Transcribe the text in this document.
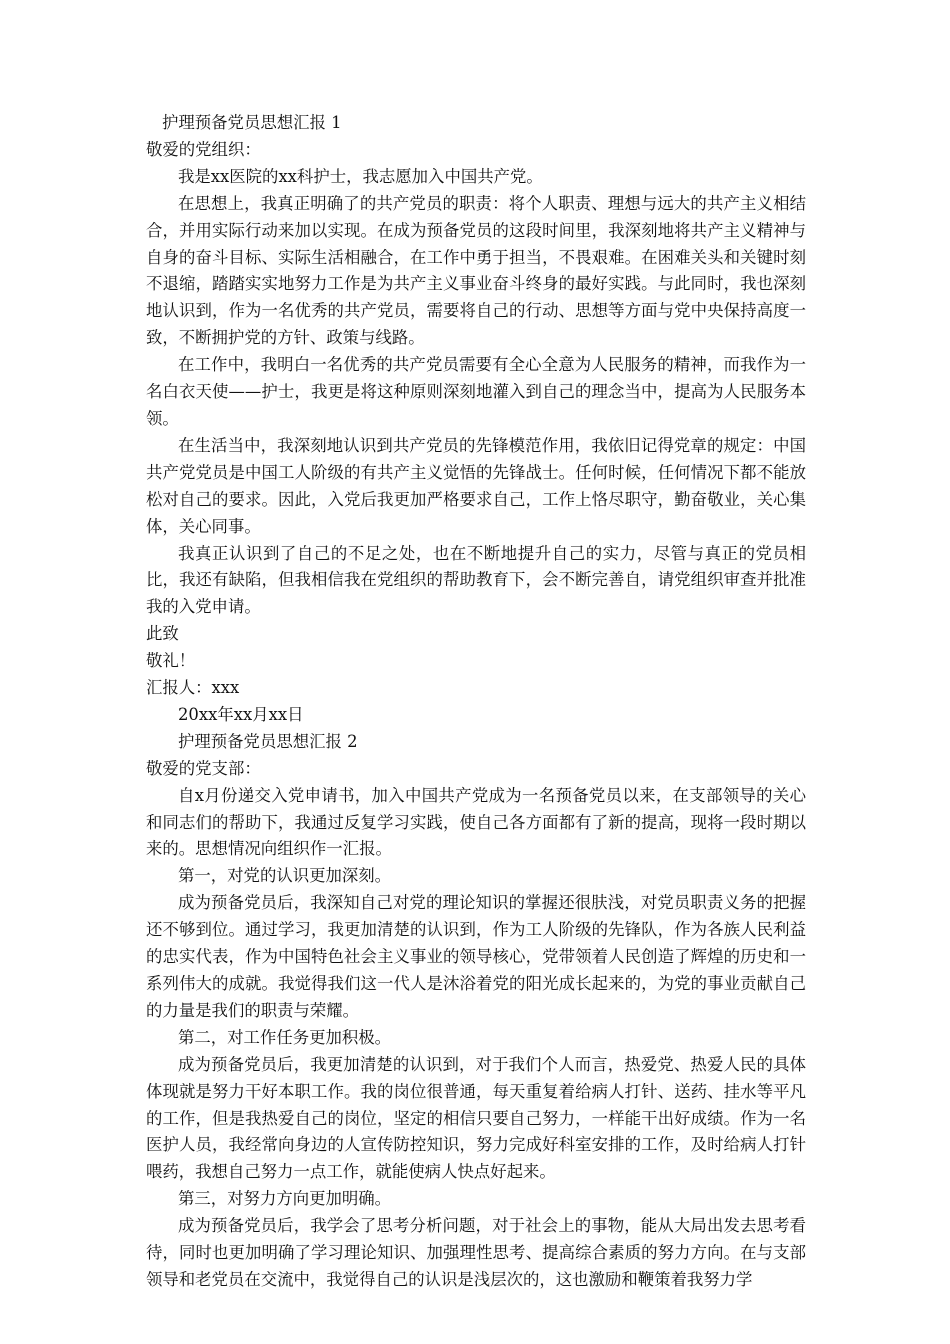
护理预备党员思想汇报 1

敬爱的党组织：

我是xx医院的xx科护士，我志愿加入中国共产党。

在思想上，我真正明确了的共产党员的职责：将个人职责、理想与远大的共产主义相结合，并用实际行动来加以实现。在成为预备党员的这段时间里，我深刻地将共产主义精神与自身的奋斗目标、实际生活相融合，在工作中勇于担当，不畏艰难。在困难关头和关键时刻不退缩，踏踏实实地努力工作是为共产主义事业奋斗终身的最好实践。与此同时，我也深刻地认识到，作为一名优秀的共产党员，需要将自己的行动、思想等方面与党中央保持高度一致，不断拥护党的方针、政策与线路。

在工作中，我明白一名优秀的共产党员需要有全心全意为人民服务的精神，而我作为一名白衣天使——护士，我更是将这种原则深刻地灌入到自己的理念当中，提高为人民服务本领。

在生活当中，我深刻地认识到共产党员的先锋模范作用，我依旧记得党章的规定：中国共产党党员是中国工人阶级的有共产主义觉悟的先锋战士。任何时候，任何情况下都不能放松对自己的要求。因此，入党后我更加严格要求自己，工作上恪尽职守，勤奋敬业，关心集体，关心同事。

我真正认识到了自己的不足之处，也在不断地提升自己的实力，尽管与真正的党员相比，我还有缺陷，但我相信我在党组织的帮助教育下，会不断完善自，请党组织审查并批准我的入党申请。

此致

敬礼！

汇报人：xxx

20xx年xx月xx日

护理预备党员思想汇报 2

敬爱的党支部：

自x月份递交入党申请书，加入中国共产党成为一名预备党员以来，在支部领导的关心和同志们的帮助下，我通过反复学习实践，使自己各方面都有了新的提高，现将一段时期以来的。思想情况向组织作一汇报。

第一，对党的认识更加深刻。

成为预备党员后，我深知自己对党的理论知识的掌握还很肤浅，对党员职责义务的把握还不够到位。通过学习，我更加清楚的认识到，作为工人阶级的先锋队，作为各族人民利益的忠实代表，作为中国特色社会主义事业的领导核心，党带领着人民创造了辉煌的历史和一系列伟大的成就。我觉得我们这一代人是沐浴着党的阳光成长起来的，为党的事业贡献自己的力量是我们的职责与荣耀。

第二，对工作任务更加积极。

成为预备党员后，我更加清楚的认识到，对于我们个人而言，热爱党、热爱人民的具体体现就是努力干好本职工作。我的岗位很普通，每天重复着给病人打针、送药、挂水等平凡的工作，但是我热爱自己的岗位，坚定的相信只要自己努力，一样能干出好成绩。作为一名医护人员，我经常向身边的人宣传防控知识，努力完成好科室安排的工作，及时给病人打针喂药，我想自己努力一点工作，就能使病人快点好起来。

第三，对努力方向更加明确。

成为预备党员后，我学会了思考分析问题，对于社会上的事物，能从大局出发去思考看待，同时也更加明确了学习理论知识、加强理性思考、提高综合素质的努力方向。在与支部领导和老党员在交流中，我觉得自己的认识是浅层次的，这也激励和鞭策着我努力学
